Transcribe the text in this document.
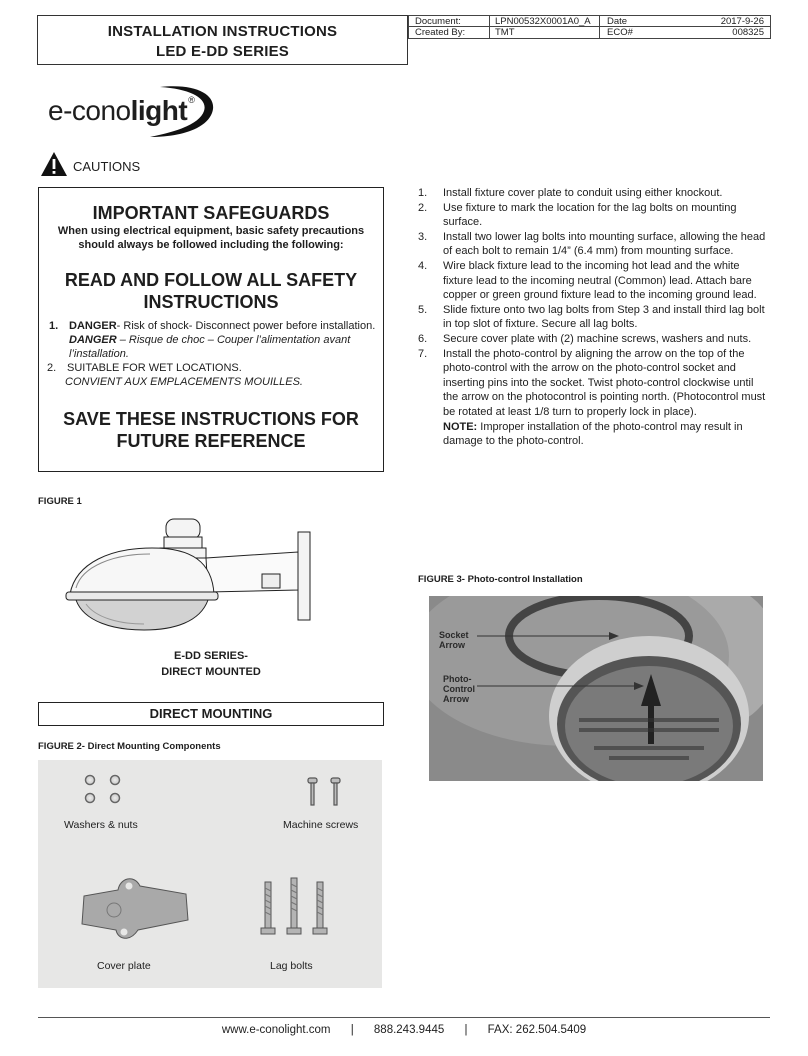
INSTALLATION INSTRUCTIONS
LED E-DD SERIES
Document:	LPN00532X0001A0_A Date	2017-9-26
Created By:	TMT	ECO#	008325
e-conolight®
CAUTIONS
IMPORTANT SAFEGUARDS
When using electrical equipment, basic safety precautions should always be followed including the following:
READ AND FOLLOW ALL SAFETY INSTRUCTIONS
1. DANGER- Risk of shock- Disconnect power before installation.
DANGER – Risque de choc – Couper l’alimentation avant l’installation.
2. SUITABLE FOR WET LOCATIONS.
CONVIENT AUX EMPLACEMENTS MOUILLES.
SAVE THESE INSTRUCTIONS FOR FUTURE REFERENCE
1. Install fixture cover plate to conduit using either knockout.
2. Use fixture to mark the location for the lag bolts on mounting surface.
3. Install two lower lag bolts into mounting surface, allowing the head of each bolt to remain 1/4” (6.4 mm) from mounting surface.
4. Wire black fixture lead to the incoming hot lead and the white fixture lead to the incoming neutral (Common) lead. Attach bare copper or green ground fixture lead to the incoming ground lead.
5. Slide fixture onto two lag bolts from Step 3 and install third lag bolt in top slot of fixture. Secure all lag bolts.
6. Secure cover plate with (2) machine screws, washers and nuts.
7. Install the photo-control by aligning the arrow on the top of the photo-control with the arrow on the photo-control socket and inserting pins into the socket. Twist photo-control clockwise until the arrow on the photocontrol is pointing north. (Photocontrol must be rotated at least 1/8 turn to properly lock in place).
NOTE: Improper installation of the photo-control may result in damage to the photo-control.
FIGURE 1
E-DD SERIES-
DIRECT MOUNTED
DIRECT MOUNTING
FIGURE 2- Direct Mounting Components
Washers & nuts	Machine screws
Cover plate	Lag bolts
FIGURE 3- Photo-control Installation
Socket
Arrow
Photo-
Control
Arrow
www.e-conolight.com | 888.243.9445 | FAX: 262.504.5409
